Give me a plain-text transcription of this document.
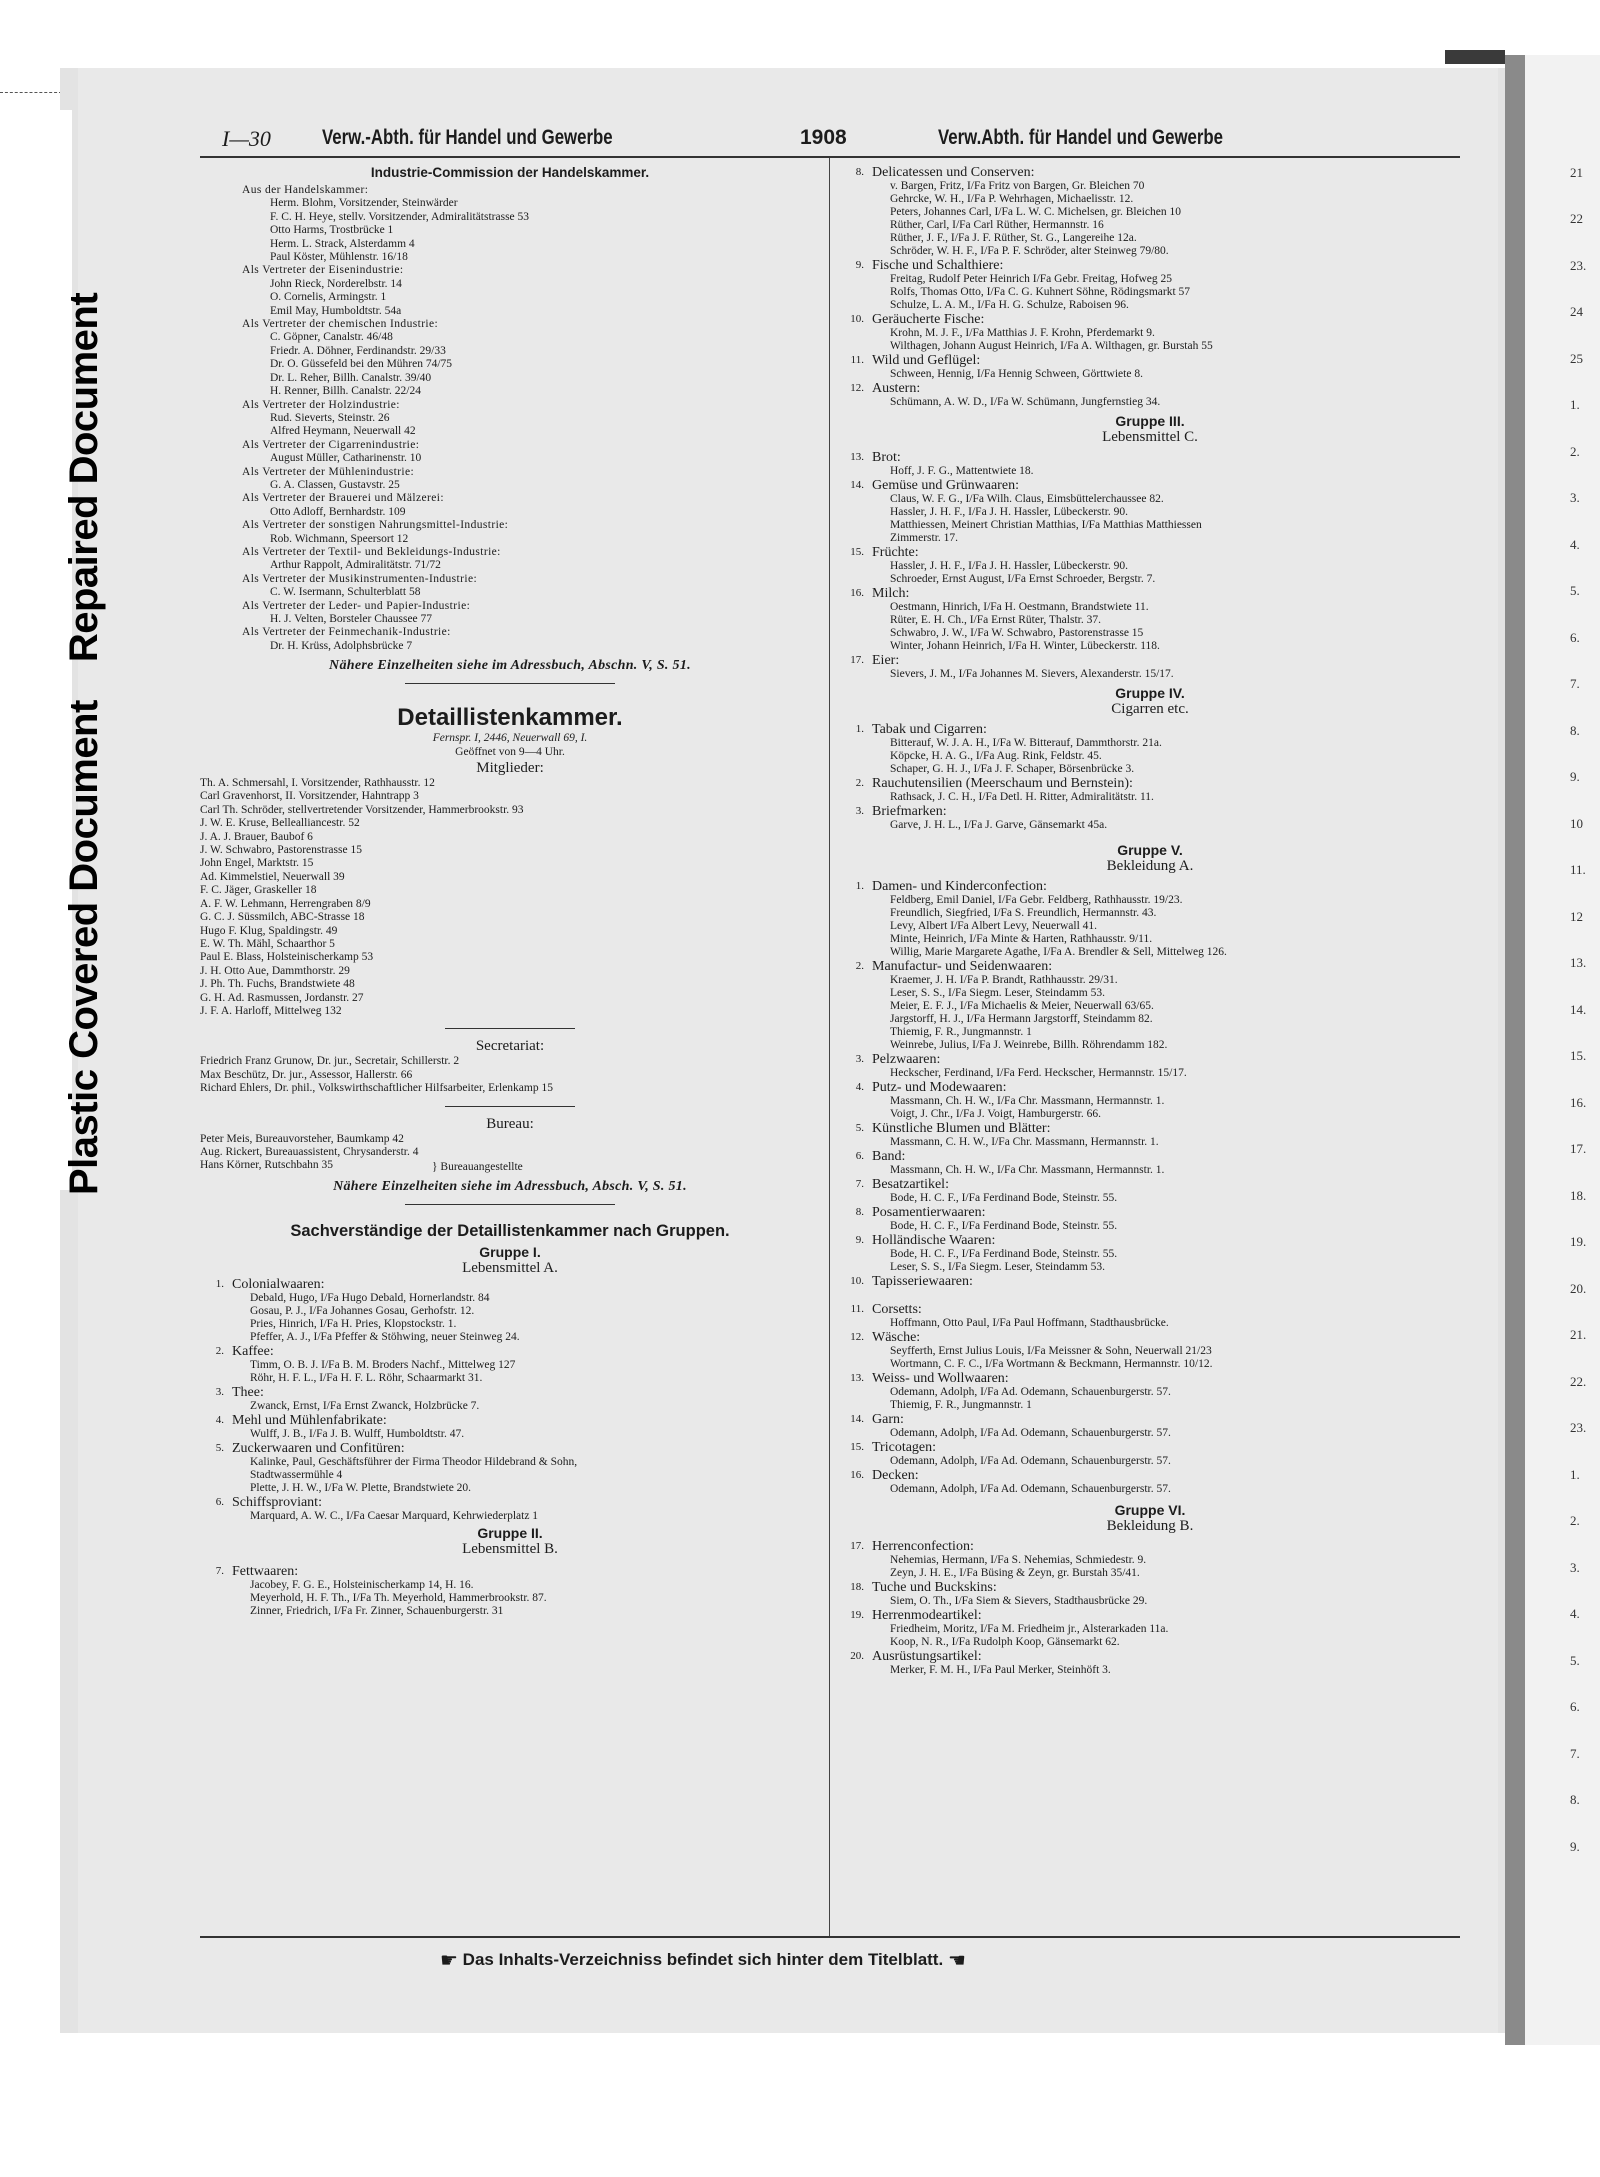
21
22
23.
24
25
1.
2.
3.
4.
5.
6.
7.
8.
9.
10
11.
12
13.
14.
15.
16.
17.
18.
19.
20.
21.
22.
23.
1.
2.
3.
4.
5.
6.
7.
8.
9.
Plastic Covered DocumentRepaired Document
I—30 Verw.-Abth. für Handel und Gewerbe	1908	Verw.Abth. für Handel und Gewerbe
Industrie-Commission der Handelskammer.
Aus der Handelskammer:
Herm. Blohm, Vorsitzender, Steinwärder
F. C. H. Heye, stellv. Vorsitzender, Admiralitätstrasse 53
Otto Harms, Trostbrücke 1
Herm. L. Strack, Alsterdamm 4
Paul Köster, Mühlenstr. 16/18
Als Vertreter der Eisenindustrie:
John Rieck, Norderelbstr. 14
O. Cornelis, Armingstr. 1
Emil May, Humboldtstr. 54a
Als Vertreter der chemischen Industrie:
C. Göpner, Canalstr. 46/48
Friedr. A. Döhner, Ferdinandstr. 29/33
Dr. O. Güssefeld bei den Mühren 74/75
Dr. L. Reher, Billh. Canalstr. 39/40
H. Renner, Billh. Canalstr. 22/24
Als Vertreter der Holzindustrie:
Rud. Sieverts, Steinstr. 26
Alfred Heymann, Neuerwall 42
Als Vertreter der Cigarrenindustrie:
August Müller, Catharinenstr. 10
Als Vertreter der Mühlenindustrie:
G. A. Classen, Gustavstr. 25
Als Vertreter der Brauerei und Mälzerei:
Otto Adloff, Bernhardstr. 109
Als Vertreter der sonstigen Nahrungsmittel-Industrie:
Rob. Wichmann, Speersort 12
Als Vertreter der Textil- und Bekleidungs-Industrie:
Arthur Rappolt, Admiralitätstr. 71/72
Als Vertreter der Musikinstrumenten-Industrie:
C. W. Isermann, Schulterblatt 58
Als Vertreter der Leder- und Papier-Industrie:
H. J. Velten, Borsteler Chaussee 77
Als Vertreter der Feinmechanik-Industrie:
Dr. H. Krüss, Adolphsbrücke 7
Nähere Einzelheiten siehe im Adressbuch, Abschn. V, S. 51.
Detaillistenkammer.
Fernspr. I, 2446, Neuerwall 69, I.
Geöffnet von 9—4 Uhr.
Mitglieder:
Th. A. Schmersahl, I. Vorsitzender, Rathhausstr. 12
Carl Gravenhorst, II. Vorsitzender, Hahntrapp 3
Carl Th. Schröder, stellvertretender Vorsitzender, Hammerbrookstr. 93
J. W. E. Kruse, Bellealliancestr. 52
J. A. J. Brauer, Baubof 6
J. W. Schwabro, Pastorenstrasse 15
John Engel, Marktstr. 15
Ad. Kimmelstiel, Neuerwall 39
F. C. Jäger, Graskeller 18
A. F. W. Lehmann, Herrengraben 8/9
G. C. J. Süssmilch, ABC-Strasse 18
Hugo F. Klug, Spaldingstr. 49
E. W. Th. Mähl, Schaarthor 5
Paul E. Blass, Holsteinischerkamp 53
J. H. Otto Aue, Dammthorstr. 29
J. Ph. Th. Fuchs, Brandstwiete 48
G. H. Ad. Rasmussen, Jordanstr. 27
J. F. A. Harloff, Mittelweg 132
Secretariat:
Friedrich Franz Grunow, Dr. jur., Secretair, Schillerstr. 2
Max Beschütz, Dr. jur., Assessor, Hallerstr. 66
Richard Ehlers, Dr. phil., Volkswirthschaftlicher Hilfsarbeiter, Erlenkamp 15
Bureau:
Peter Meis, Bureauvorsteher, Baumkamp 42
Aug. Rickert, Bureauassistent, Chrysanderstr. 4
Hans Körner, Rutschbahn 35	} Bureauangestellte
Nähere Einzelheiten siehe im Adressbuch, Absch. V, S. 51.
Sachverständige der Detaillistenkammer nach Gruppen.
Gruppe I.
Lebensmittel A.
1. Colonialwaaren:
Debald, Hugo, I/Fa Hugo Debald, Hornerlandstr. 84
Gosau, P. J., I/Fa Johannes Gosau, Gerhofstr. 12.
Pries, Hinrich, I/Fa H. Pries, Klopstockstr. 1.
Pfeffer, A. J., I/Fa Pfeffer & Stöhwing, neuer Steinweg 24.
2. Kaffee:
Timm, O. B. J. I/Fa B. M. Broders Nachf., Mittelweg 127
Röhr, H. F. L., I/Fa H. F. L. Röhr, Schaarmarkt 31.
3. Thee:
Zwanck, Ernst, I/Fa Ernst Zwanck, Holzbrücke 7.
4. Mehl und Mühlenfabrikate:
Wulff, J. B., I/Fa J. B. Wulff, Humboldtstr. 47.
5. Zuckerwaaren und Confitüren:
Kalinke, Paul, Geschäftsführer der Firma Theodor Hildebrand & Sohn,
Stadtwassermühle 4
Plette, J. H. W., I/Fa W. Plette, Brandstwiete 20.
6. Schiffsproviant:
Marquard, A. W. C., I/Fa Caesar Marquard, Kehrwiederplatz 1
Gruppe II.
Lebensmittel B.
7. Fettwaaren:
Jacobey, F. G. E., Holsteinischerkamp 14, H. 16.
Meyerhold, H. F. Th., I/Fa Th. Meyerhold, Hammerbrookstr. 87.
Zinner, Friedrich, I/Fa Fr. Zinner, Schauenburgerstr. 31
8. Delicatessen und Conserven:
v. Bargen, Fritz, I/Fa Fritz von Bargen, Gr. Bleichen 70
Gehrcke, W. H., I/Fa P. Wehrhagen, Michaelisstr. 12.
Peters, Johannes Carl, I/Fa L. W. C. Michelsen, gr. Bleichen 10
Rüther, Carl, I/Fa Carl Rüther, Hermannstr. 16
Rüther, J. F., I/Fa J. F. Rüther, St. G., Langereihe 12a.
Schröder, W. H. F., I/Fa P. F. Schröder, alter Steinweg 79/80.
9. Fische und Schalthiere:
Freitag, Rudolf Peter Heinrich I/Fa Gebr. Freitag, Hofweg 25
Rolfs, Thomas Otto, I/Fa C. G. Kuhnert Söhne, Rödingsmarkt 57
Schulze, L. A. M., I/Fa H. G. Schulze, Raboisen 96.
10. Geräucherte Fische:
Krohn, M. J. F., I/Fa Matthias J. F. Krohn, Pferdemarkt 9.
Wilthagen, Johann August Heinrich, I/Fa A. Wilthagen, gr. Burstah 55
11. Wild und Geflügel:
Schween, Hennig, I/Fa Hennig Schween, Görttwiete 8.
12. Austern:
Schümann, A. W. D., I/Fa W. Schümann, Jungfernstieg 34.
Gruppe III.
Lebensmittel C.
13. Brot:
Hoff, J. F. G., Mattentwiete 18.
14. Gemüse und Grünwaaren:
Claus, W. F. G., I/Fa Wilh. Claus, Eimsbüttelerchaussee 82.
Hassler, J. H. F., I/Fa J. H. Hassler, Lübeckerstr. 90.
Matthiessen, Meinert Christian Matthias, I/Fa Matthias Matthiessen
Zimmerstr. 17.
15. Früchte:
Hassler, J. H. F., I/Fa J. H. Hassler, Lübeckerstr. 90.
Schroeder, Ernst August, I/Fa Ernst Schroeder, Bergstr. 7.
16. Milch:
Oestmann, Hinrich, I/Fa H. Oestmann, Brandstwiete 11.
Rüter, E. H. Ch., I/Fa Ernst Rüter, Thalstr. 37.
Schwabro, J. W., I/Fa W. Schwabro, Pastorenstrasse 15
Winter, Johann Heinrich, I/Fa H. Winter, Lübeckerstr. 118.
17. Eier:
Sievers, J. M., I/Fa Johannes M. Sievers, Alexanderstr. 15/17.
Gruppe IV.
Cigarren etc.
1. Tabak und Cigarren:
Bitterauf, W. J. A. H., I/Fa W. Bitterauf, Dammthorstr. 21a.
Köpcke, H. A. G., I/Fa Aug. Rink, Feldstr. 45.
Schaper, G. H. J., I/Fa J. F. Schaper, Börsenbrücke 3.
2. Rauchutensilien (Meerschaum und Bernstein):
Rathsack, J. C. H., I/Fa Detl. H. Ritter, Admiralitätstr. 11.
3. Briefmarken:
Garve, J. H. L., I/Fa J. Garve, Gänsemarkt 45a.
Gruppe V.
Bekleidung A.
1. Damen- und Kinderconfection:
Feldberg, Emil Daniel, I/Fa Gebr. Feldberg, Rathhausstr. 19/23.
Freundlich, Siegfried, I/Fa S. Freundlich, Hermannstr. 43.
Levy, Albert I/Fa Albert Levy, Neuerwall 41.
Minte, Heinrich, I/Fa Minte & Harten, Rathhausstr. 9/11.
Willig, Marie Margarete Agathe, I/Fa A. Brendler & Sell, Mittelweg 126.
2. Manufactur- und Seidenwaaren:
Kraemer, J. H. I/Fa P. Brandt, Rathhausstr. 29/31.
Leser, S. S., I/Fa Siegm. Leser, Steindamm 53.
Meier, E. F. J., I/Fa Michaelis & Meier, Neuerwall 63/65.
Jargstorff, H. J., I/Fa Hermann Jargstorff, Steindamm 82.
Thiemig, F. R., Jungmannstr. 1
Weinrebe, Julius, I/Fa J. Weinrebe, Billh. Röhrendamm 182.
3. Pelzwaaren:
Heckscher, Ferdinand, I/Fa Ferd. Heckscher, Hermannstr. 15/17.
4. Putz- und Modewaaren:
Massmann, Ch. H. W., I/Fa Chr. Massmann, Hermannstr. 1.
Voigt, J. Chr., I/Fa J. Voigt, Hamburgerstr. 66.
5. Künstliche Blumen und Blätter:
Massmann, C. H. W., I/Fa Chr. Massmann, Hermannstr. 1.
6. Band:
Massmann, Ch. H. W., I/Fa Chr. Massmann, Hermannstr. 1.
7. Besatzartikel:
Bode, H. C. F., I/Fa Ferdinand Bode, Steinstr. 55.
8. Posamentierwaaren:
Bode, H. C. F., I/Fa Ferdinand Bode, Steinstr. 55.
9. Holländische Waaren:
Bode, H. C. F., I/Fa Ferdinand Bode, Steinstr. 55.
Leser, S. S., I/Fa Siegm. Leser, Steindamm 53.
10. Tapisseriewaaren:
11. Corsetts:
Hoffmann, Otto Paul, I/Fa Paul Hoffmann, Stadthausbrücke.
12. Wäsche:
Seyfferth, Ernst Julius Louis, I/Fa Meissner & Sohn, Neuerwall 21/23
Wortmann, C. F. C., I/Fa Wortmann & Beckmann, Hermannstr. 10/12.
13. Weiss- und Wollwaaren:
Odemann, Adolph, I/Fa Ad. Odemann, Schauenburgerstr. 57.
Thiemig, F. R., Jungmannstr. 1
14. Garn:
Odemann, Adolph, I/Fa Ad. Odemann, Schauenburgerstr. 57.
15. Tricotagen:
Odemann, Adolph, I/Fa Ad. Odemann, Schauenburgerstr. 57.
16. Decken:
Odemann, Adolph, I/Fa Ad. Odemann, Schauenburgerstr. 57.
Gruppe VI.
Bekleidung B.
17. Herrenconfection:
Nehemias, Hermann, I/Fa S. Nehemias, Schmiedestr. 9.
Zeyn, J. H. E., I/Fa Büsing & Zeyn, gr. Burstah 35/41.
18. Tuche und Buckskins:
Siem, O. Th., I/Fa Siem & Sievers, Stadthausbrücke 29.
19. Herrenmodeartikel:
Friedheim, Moritz, I/Fa M. Friedheim jr., Alsterarkaden 11a.
Koop, N. R., I/Fa Rudolph Koop, Gänsemarkt 62.
20. Ausrüstungsartikel:
Merker, F. M. H., I/Fa Paul Merker, Steinhöft 3.
☛ Das Inhalts-Verzeichniss befindet sich hinter dem Titelblatt. ☚
